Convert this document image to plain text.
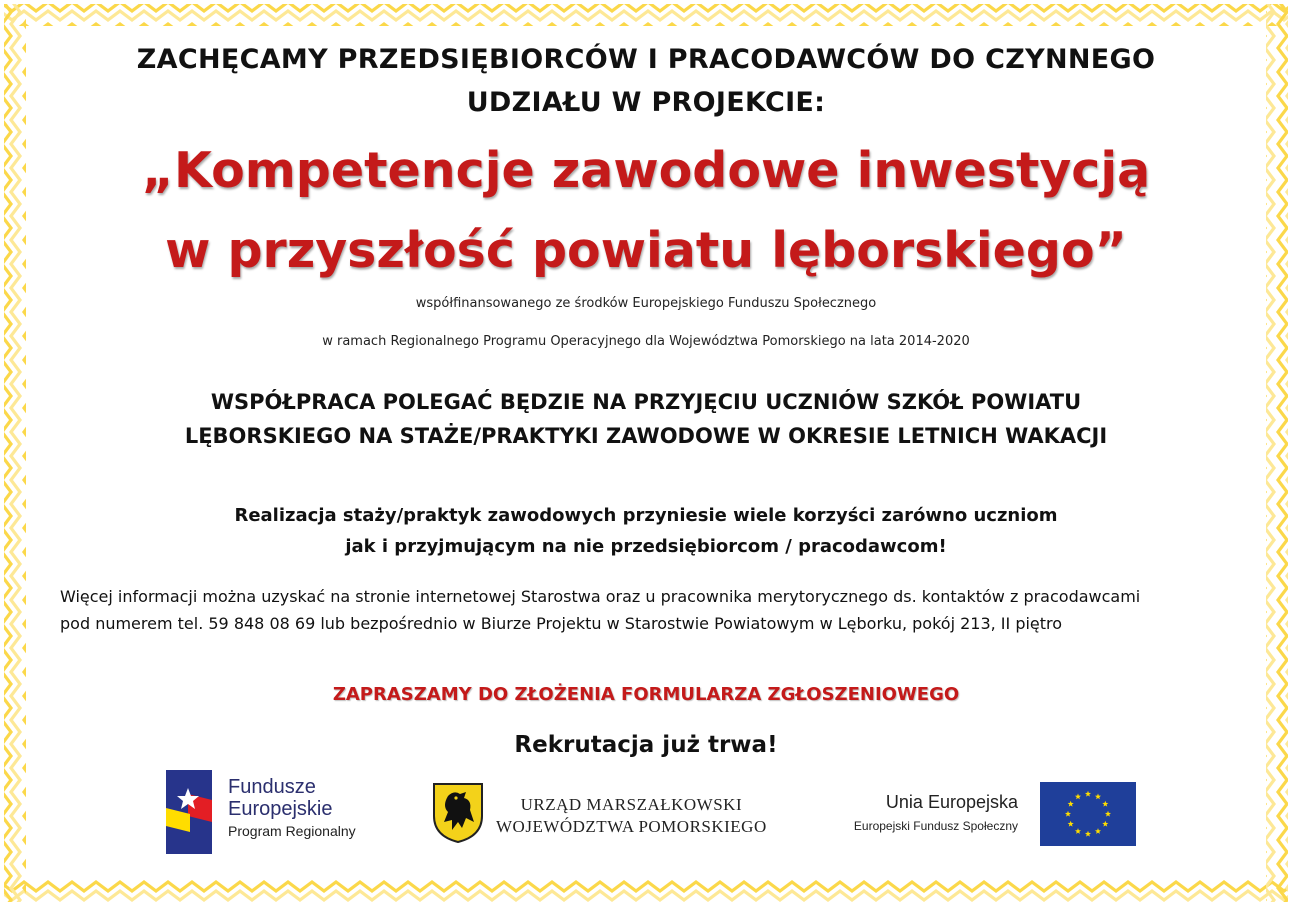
ZACHĘCAMY PRZEDSIĘBIORCÓW I PRACODAWCÓW DO CZYNNEGO
UDZIAŁU W PROJEKCIE:
„Kompetencje zawodowe inwestycją
w przyszłość powiatu lęborskiego”
współfinansowanego ze środków Europejskiego Funduszu Społecznego
w ramach Regionalnego Programu Operacyjnego dla Województwa Pomorskiego na lata 2014-2020
WSPÓŁPRACA POLEGAĆ BĘDZIE NA PRZYJĘCIU UCZNIÓW SZKÓŁ POWIATU
LĘBORSKIEGO NA STAŻE/PRAKTYKI ZAWODOWE W OKRESIE LETNICH WAKACJI
Realizacja staży/praktyk zawodowych przyniesie wiele korzyści zarówno uczniom
jak i przyjmującym na nie przedsiębiorcom / pracodawcom!
Więcej informacji można uzyskać na stronie internetowej Starostwa oraz u pracownika merytorycznego ds. kontaktów z pracodawcami
pod numerem tel. 59 848 08 69 lub bezpośrednio w Biurze Projektu w Starostwie Powiatowym w Lęborku, pokój 213, II piętro
ZAPRASZAMY DO ZŁOŻENIA FORMULARZA ZGŁOSZENIOWEGO
Rekrutacja już trwa!
Fundusze
Europejskie
Program Regionalny
URZĄD MARSZAŁKOWSKI
WOJEWÓDZTWA POMORSKIEGO
Unia Europejska
Europejski Fundusz Społeczny
